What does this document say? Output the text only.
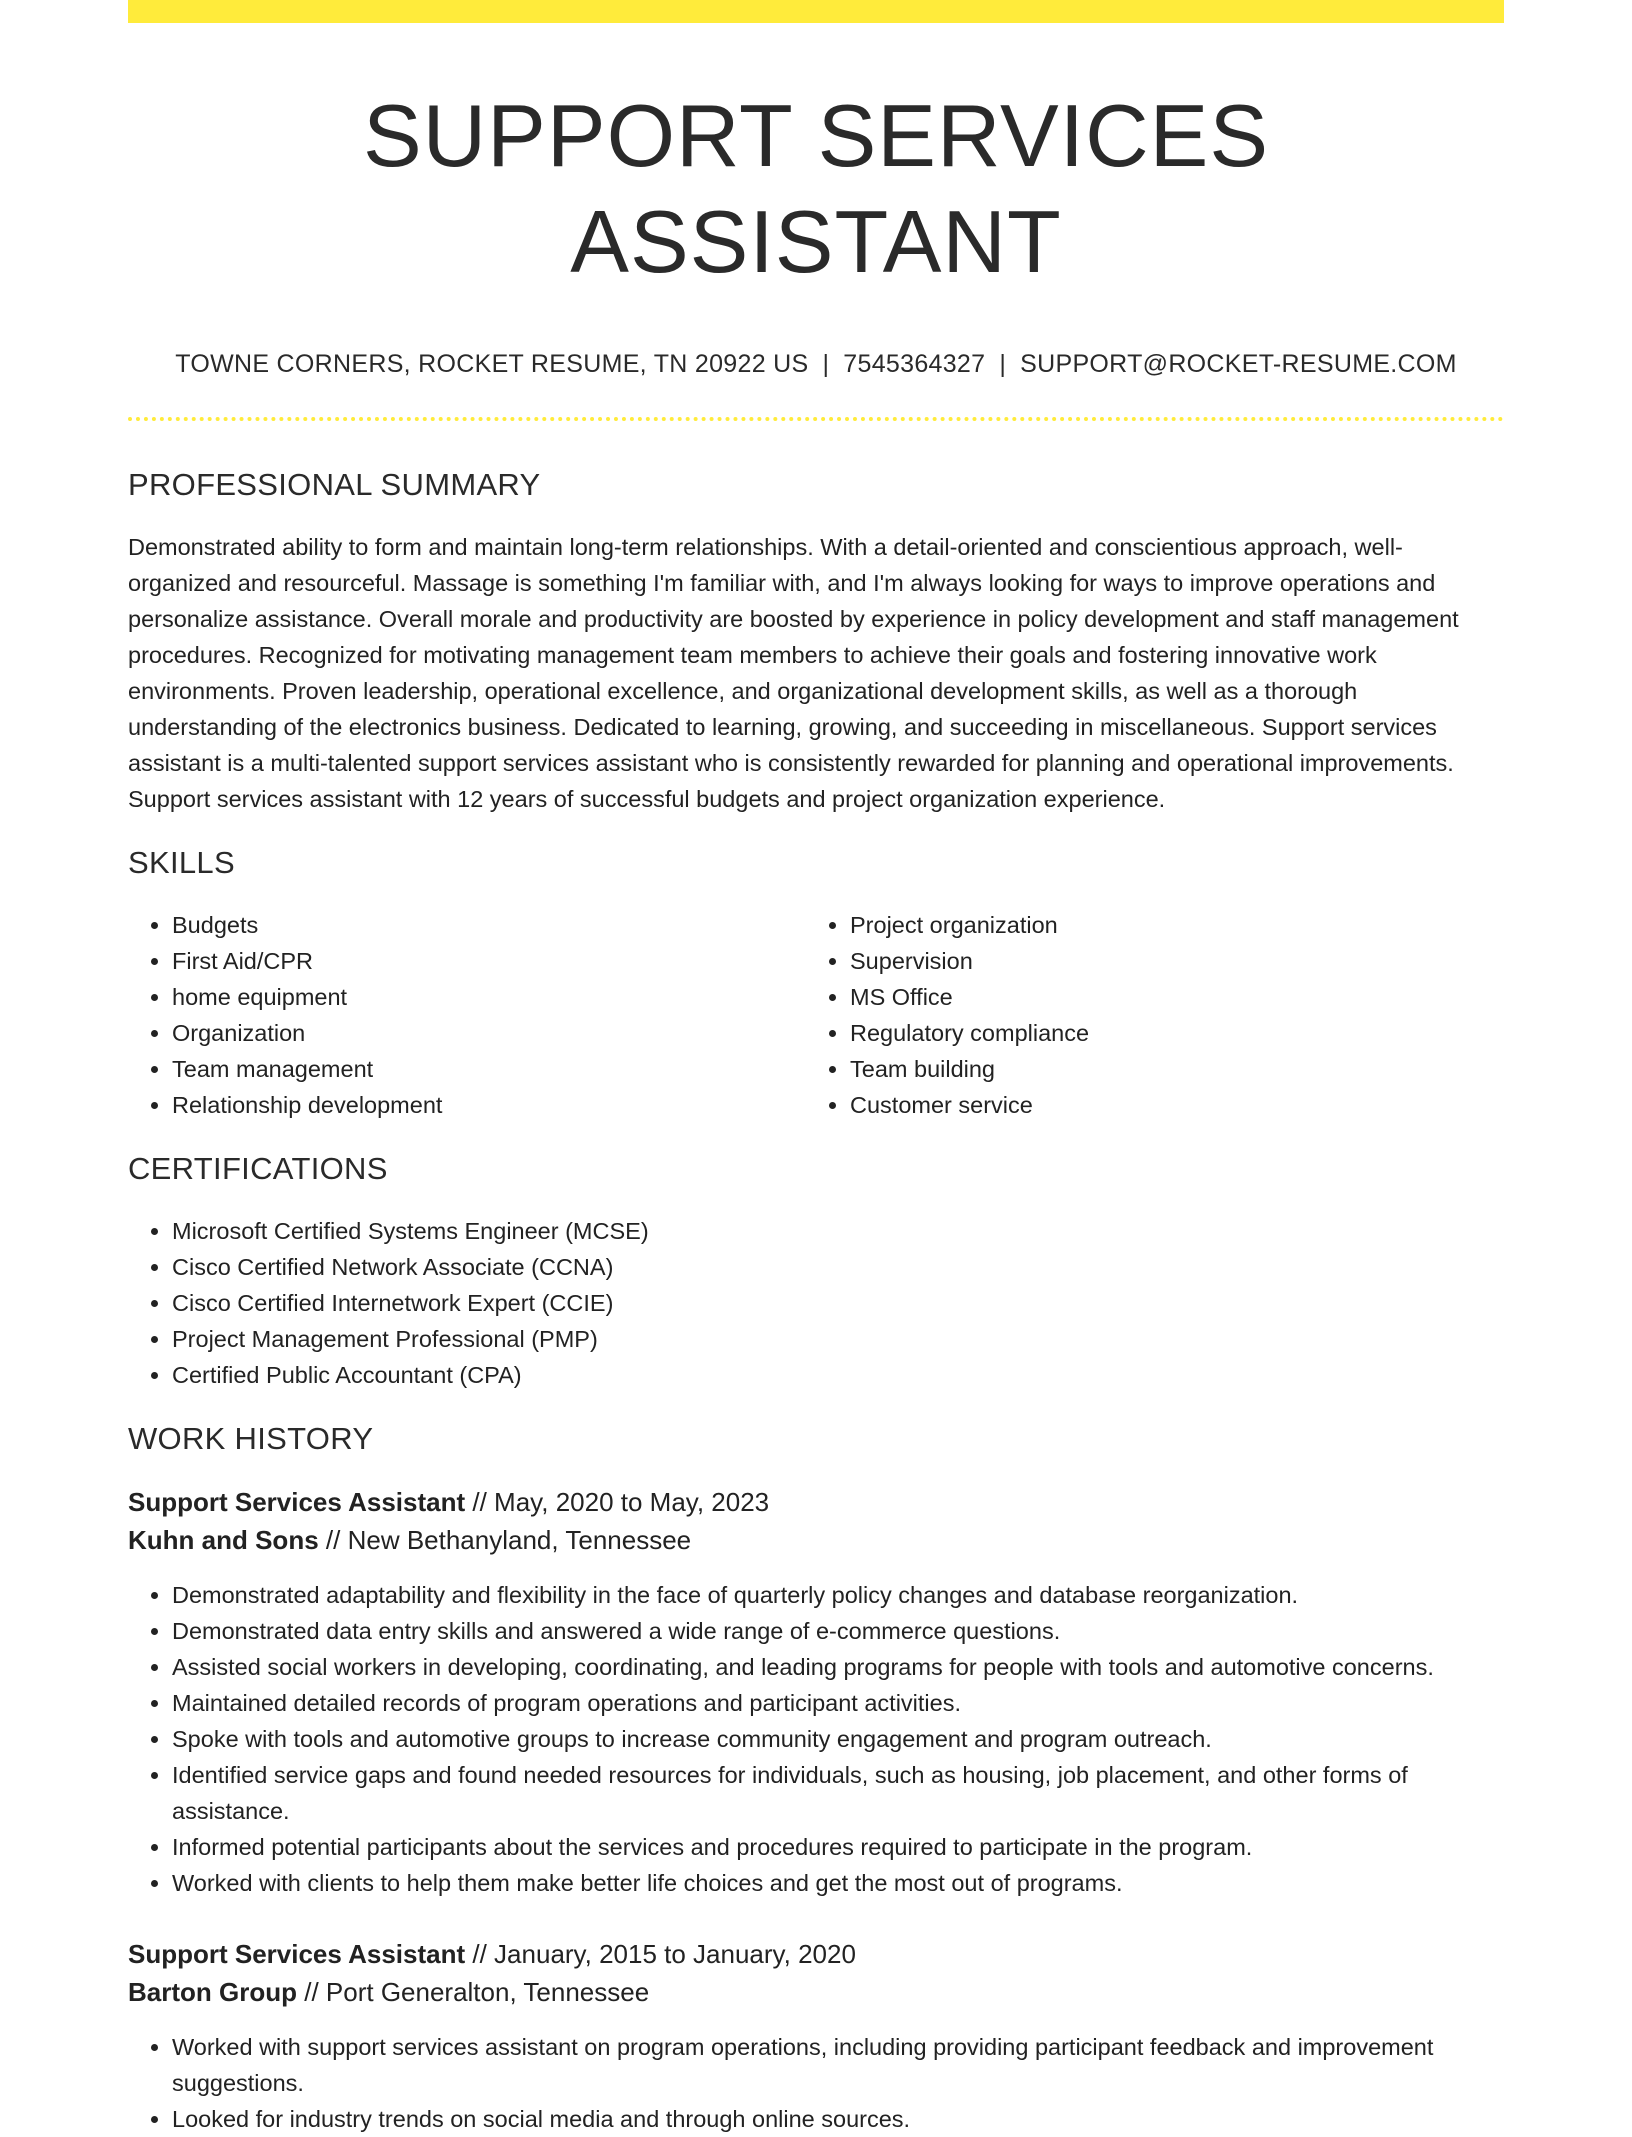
SUPPORT SERVICES ASSISTANT
TOWNE CORNERS, ROCKET RESUME, TN 20922 US | 7545364327 | SUPPORT@ROCKET-RESUME.COM
PROFESSIONAL SUMMARY

Demonstrated ability to form and maintain long-term relationships. With a detail-oriented and conscientious approach, well-organized and resourceful. Massage is something I'm familiar with, and I'm always looking for ways to improve operations and personalize assistance. Overall morale and productivity are boosted by experience in policy development and staff management procedures. Recognized for motivating management team members to achieve their goals and fostering innovative work environments. Proven leadership, operational excellence, and organizational development skills, as well as a thorough understanding of the electronics business. Dedicated to learning, growing, and succeeding in miscellaneous. Support services assistant is a multi-talented support services assistant who is consistently rewarded for planning and operational improvements. Support services assistant with 12 years of successful budgets and project organization experience.

SKILLS
• Budgets
• First Aid/CPR
• home equipment
• Organization
• Team management
• Relationship development
• Project organization
• Supervision
• MS Office
• Regulatory compliance
• Team building
• Customer service
CERTIFICATIONS
• Microsoft Certified Systems Engineer (MCSE)
• Cisco Certified Network Associate (CCNA)
• Cisco Certified Internetwork Expert (CCIE)
• Project Management Professional (PMP)
• Certified Public Accountant (CPA)
WORK HISTORY
Support Services Assistant // May, 2020 to May, 2023
Kuhn and Sons // New Bethanyland, Tennessee
• Demonstrated adaptability and flexibility in the face of quarterly policy changes and database reorganization.
• Demonstrated data entry skills and answered a wide range of e-commerce questions.
• Assisted social workers in developing, coordinating, and leading programs for people with tools and automotive concerns.
• Maintained detailed records of program operations and participant activities.
• Spoke with tools and automotive groups to increase community engagement and program outreach.
• Identified service gaps and found needed resources for individuals, such as housing, job placement, and other forms of assistance.
• Informed potential participants about the services and procedures required to participate in the program.
• Worked with clients to help them make better life choices and get the most out of programs.
Support Services Assistant // January, 2015 to January, 2020
Barton Group // Port Generalton, Tennessee
• Worked with support services assistant on program operations, including providing participant feedback and improvement suggestions.
• Looked for industry trends on social media and through online sources.
